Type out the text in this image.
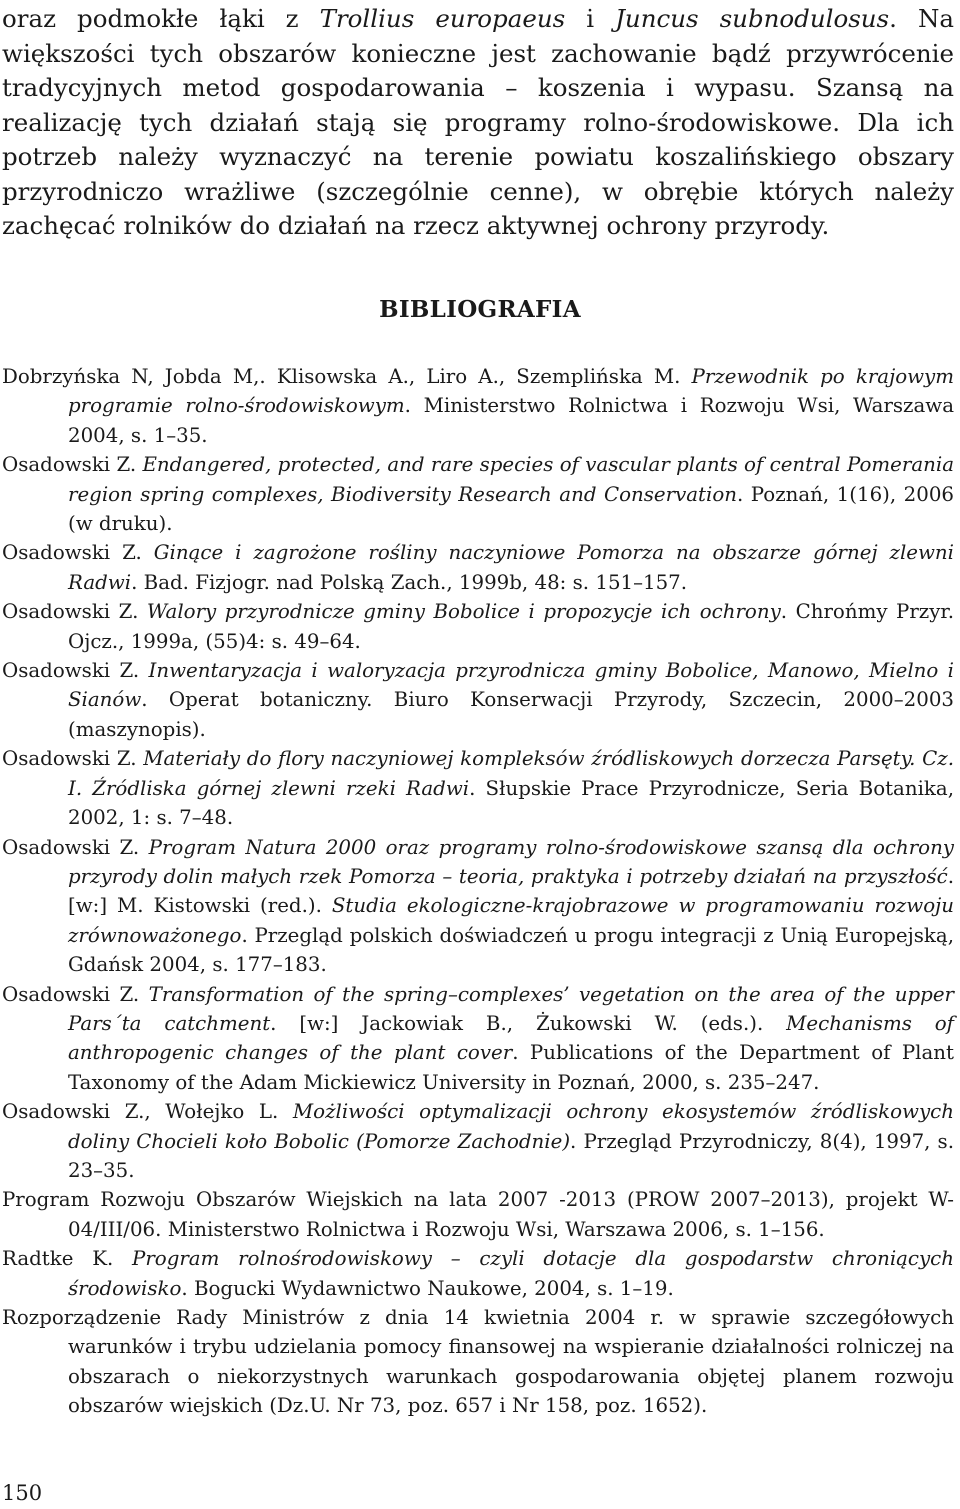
oraz podmokłe łąki z Trollius europaeus i Juncus subnodulosus. Na większości tych obszarów konieczne jest zachowanie bądź przywrócenie tradycyjnych metod gospodarowania – koszenia i wypasu. Szansą na realizację tych działań stają się programy rolno-środowiskowe. Dla ich potrzeb należy wyznaczyć na terenie powiatu koszalińskiego obszary przyrodniczo wrażliwe (szczególnie cenne), w obrębie których należy zachęcać rolników do działań na rzecz aktywnej ochrony przyrody.

BIBLIOGRAFIA
Dobrzyńska N, Jobda M,. Klisowska A., Liro A., Szemplińska M. Przewodnik po krajowym programie rolno-środowiskowym. Ministerstwo Rolnictwa i Rozwoju Wsi, Warszawa 2004, s. 1–35.
Osadowski Z. Endangered, protected, and rare species of vascular plants of central Pomerania region spring complexes, Biodiversity Research and Conservation. Poznań, 1(16), 2006 (w druku).
Osadowski Z. Ginące i zagrożone rośliny naczyniowe Pomorza na obszarze górnej zlewni Radwi. Bad. Fizjogr. nad Polską Zach., 1999b, 48: s. 151–157.
Osadowski Z. Walory przyrodnicze gminy Bobolice i propozycje ich ochrony. Chrońmy Przyr. Ojcz., 1999a, (55)4: s. 49–64.
Osadowski Z. Inwentaryzacja i waloryzacja przyrodnicza gminy Bobolice, Manowo, Mielno i Sianów. Operat botaniczny. Biuro Konserwacji Przyrody, Szczecin, 2000–2003 (maszynopis).
Osadowski Z. Materiały do flory naczyniowej kompleksów źródliskowych dorzecza Parsęty. Cz. I. Źródliska górnej zlewni rzeki Radwi. Słupskie Prace Przyrodnicze, Seria Botanika, 2002, 1: s. 7–48.
Osadowski Z. Program Natura 2000 oraz programy rolno-środowiskowe szansą dla ochrony przyrody dolin małych rzek Pomorza – teoria, praktyka i potrzeby działań na przyszłość. [w:] M. Kistowski (red.). Studia ekologiczne-krajobrazowe w programowaniu rozwoju zrównoważonego. Przegląd polskich doświadczeń u progu integracji z Unią Europejską, Gdańsk 2004, s. 177–183.
Osadowski Z. Transformation of the spring–complexes’ vegetation on the area of the upper Pars´ta catchment. [w:] Jackowiak B., Żukowski W. (eds.). Mechanisms of anthropogenic changes of the plant cover. Publications of the Department of Plant Taxonomy of the Adam Mickiewicz University in Poznań, 2000, s. 235–247.
Osadowski Z., Wołejko L. Możliwości optymalizacji ochrony ekosystemów źródliskowych doliny Chocieli koło Bobolic (Pomorze Zachodnie). Przegląd Przyrodniczy, 8(4), 1997, s. 23–35.
Program Rozwoju Obszarów Wiejskich na lata 2007 -2013 (PROW 2007–2013), projekt W-04/III/06. Ministerstwo Rolnictwa i Rozwoju Wsi, Warszawa 2006, s. 1–156.
Radtke K. Program rolnośrodowiskowy – czyli dotacje dla gospodarstw chroniących środowisko. Bogucki Wydawnictwo Naukowe, 2004, s. 1–19.
Rozporządzenie Rady Ministrów z dnia 14 kwietnia 2004 r. w sprawie szczegółowych warunków i trybu udzielania pomocy finansowej na wspieranie działalności rolniczej na obszarach o niekorzystnych warunkach gospodarowania objętej planem rozwoju obszarów wiejskich (Dz.U. Nr 73, poz. 657 i Nr 158, poz. 1652).
150
